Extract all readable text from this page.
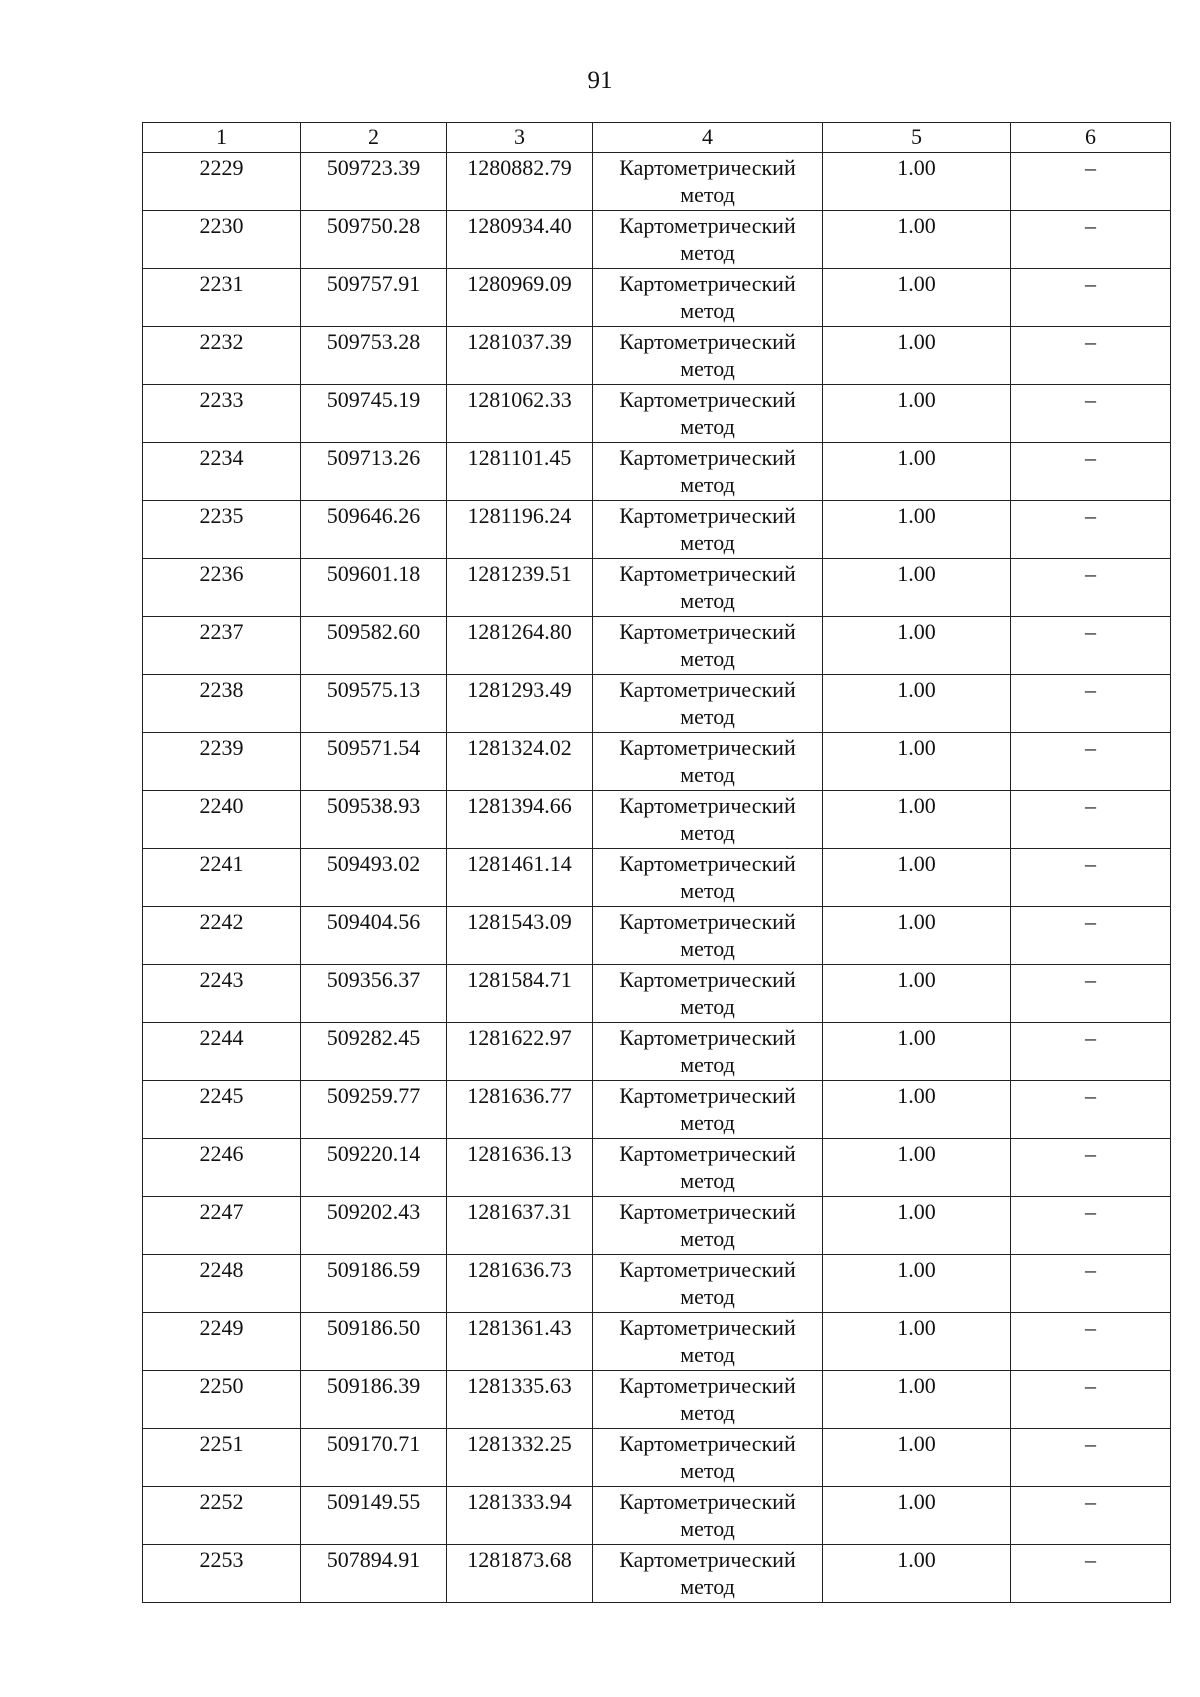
91
1	2	3	4	5	6
2229	509723.39	1280882.79	Картометрический метод	1.00	–
2230	509750.28	1280934.40	Картометрический метод	1.00	–
2231	509757.91	1280969.09	Картометрический метод	1.00	–
2232	509753.28	1281037.39	Картометрический метод	1.00	–
2233	509745.19	1281062.33	Картометрический метод	1.00	–
2234	509713.26	1281101.45	Картометрический метод	1.00	–
2235	509646.26	1281196.24	Картометрический метод	1.00	–
2236	509601.18	1281239.51	Картометрический метод	1.00	–
2237	509582.60	1281264.80	Картометрический метод	1.00	–
2238	509575.13	1281293.49	Картометрический метод	1.00	–
2239	509571.54	1281324.02	Картометрический метод	1.00	–
2240	509538.93	1281394.66	Картометрический метод	1.00	–
2241	509493.02	1281461.14	Картометрический метод	1.00	–
2242	509404.56	1281543.09	Картометрический метод	1.00	–
2243	509356.37	1281584.71	Картометрический метод	1.00	–
2244	509282.45	1281622.97	Картометрический метод	1.00	–
2245	509259.77	1281636.77	Картометрический метод	1.00	–
2246	509220.14	1281636.13	Картометрический метод	1.00	–
2247	509202.43	1281637.31	Картометрический метод	1.00	–
2248	509186.59	1281636.73	Картометрический метод	1.00	–
2249	509186.50	1281361.43	Картометрический метод	1.00	–
2250	509186.39	1281335.63	Картометрический метод	1.00	–
2251	509170.71	1281332.25	Картометрический метод	1.00	–
2252	509149.55	1281333.94	Картометрический метод	1.00	–
2253	507894.91	1281873.68	Картометрический метод	1.00	–
